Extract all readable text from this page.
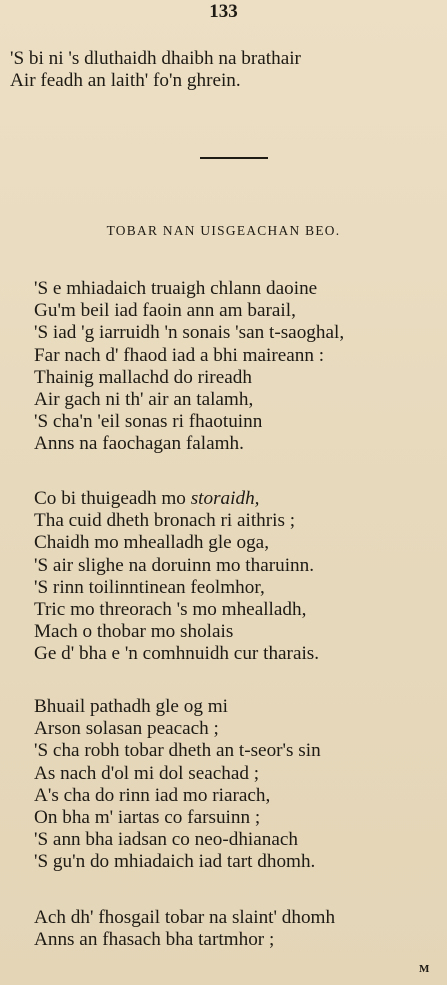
133
'S bi ni 's dluthaidh dhaibh na brathair
Air feadh an laith' fo'n ghrein.
TOBAR NAN UISGEACHAN BEO.
'S e mhiadaich truaigh chlann daoine
Gu'm beil iad faoin ann am barail,
'S iad 'g iarruidh 'n sonais 'san t-saoghal,
Far nach d' fhaod iad a bhi maireann :
Thainig mallachd do rireadh
Air gach ni th' air an talamh,
'S cha'n 'eil sonas ri fhaotuinn
Anns na faochagan falamh.
Co bi thuigeadh mo storaidh,
Tha cuid dheth bronach ri aithris ;
Chaidh mo mhealladh gle oga,
'S air slighe na doruinn mo tharuinn.
'S rinn toilinntinean feolmhor,
Tric mo threorach 's mo mhealladh,
Mach o thobar mo sholais
Ge d' bha e 'n comhnuidh cur tharais.
Bhuail pathadh gle og mi
Arson solasan peacach ;
'S cha robh tobar dheth an t-seor's sin
As nach d'ol mi dol seachad ;
A's cha do rinn iad mo riarach,
On bha m' iartas co farsuinn ;
'S ann bha iadsan co neo-dhianach
'S gu'n do mhiadaich iad tart dhomh.
Ach dh' fhosgail tobar na slaint' dhomh
Anns an fhasach bha tartmhor ;
M
